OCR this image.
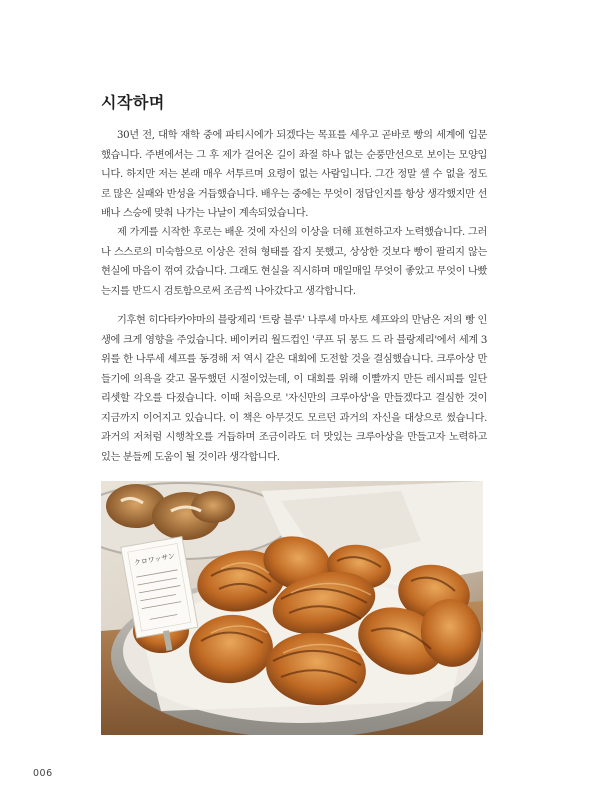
시작하며

30년 전, 대학 재학 중에 파티시에가 되겠다는 목표를 세우고 곧바로 빵의 세계에 입문했습니다. 주변에서는 그 후 제가 걸어온 길이 좌절 하나 없는 순풍만선으로 보이는 모양입니다. 하지만 저는 본래 매우 서투르며 요령이 없는 사람입니다. 그간 정말 셀 수 없을 정도로 많은 실패와 반성을 거듭했습니다. 배우는 중에는 무엇이 정답인지를 항상 생각했지만 선배나 스승에 맞춰 나가는 나날이 계속되었습니다.

제 가게를 시작한 후로는 배운 것에 자신의 이상을 더해 표현하고자 노력했습니다. 그러나 스스로의 미숙함으로 이상은 전혀 형태를 잡지 못했고, 상상한 것보다 빵이 팔리지 않는 현실에 마음이 꺾여 갔습니다. 그래도 현실을 직시하며 매일매일 무엇이 좋았고 무엇이 나빴는지를 반드시 검토함으로써 조금씩 나아갔다고 생각합니다.

기후현 히다타카야마의 블랑제리 '트랑 블루' 나루세 마사토 셰프와의 만남은 저의 빵 인생에 크게 영향을 주었습니다. 베이커리 월드컵인 '쿠프 뒤 몽드 드 라 블랑제리'에서 세계 3위를 한 나루세 셰프를 동경해 저 역시 같은 대회에 도전할 것을 결심했습니다. 크루아상 만들기에 의욕을 갖고 몰두했던 시절이었는데, 이 대회를 위해 이빨까지 만든 레시피를 일단 리셋할 각오를 다졌습니다. 이때 처음으로 '자신만의 크루아상'을 만들겠다고 결심한 것이 지금까지 이어지고 있습니다. 이 책은 아무것도 모르던 과거의 자신을 대상으로 썼습니다. 과거의 저처럼 시행착오를 거듭하며 조금이라도 더 맛있는 크루아상을 만들고자 노력하고 있는 분들께 도움이 될 것이라 생각합니다.

クロワッサン
006
